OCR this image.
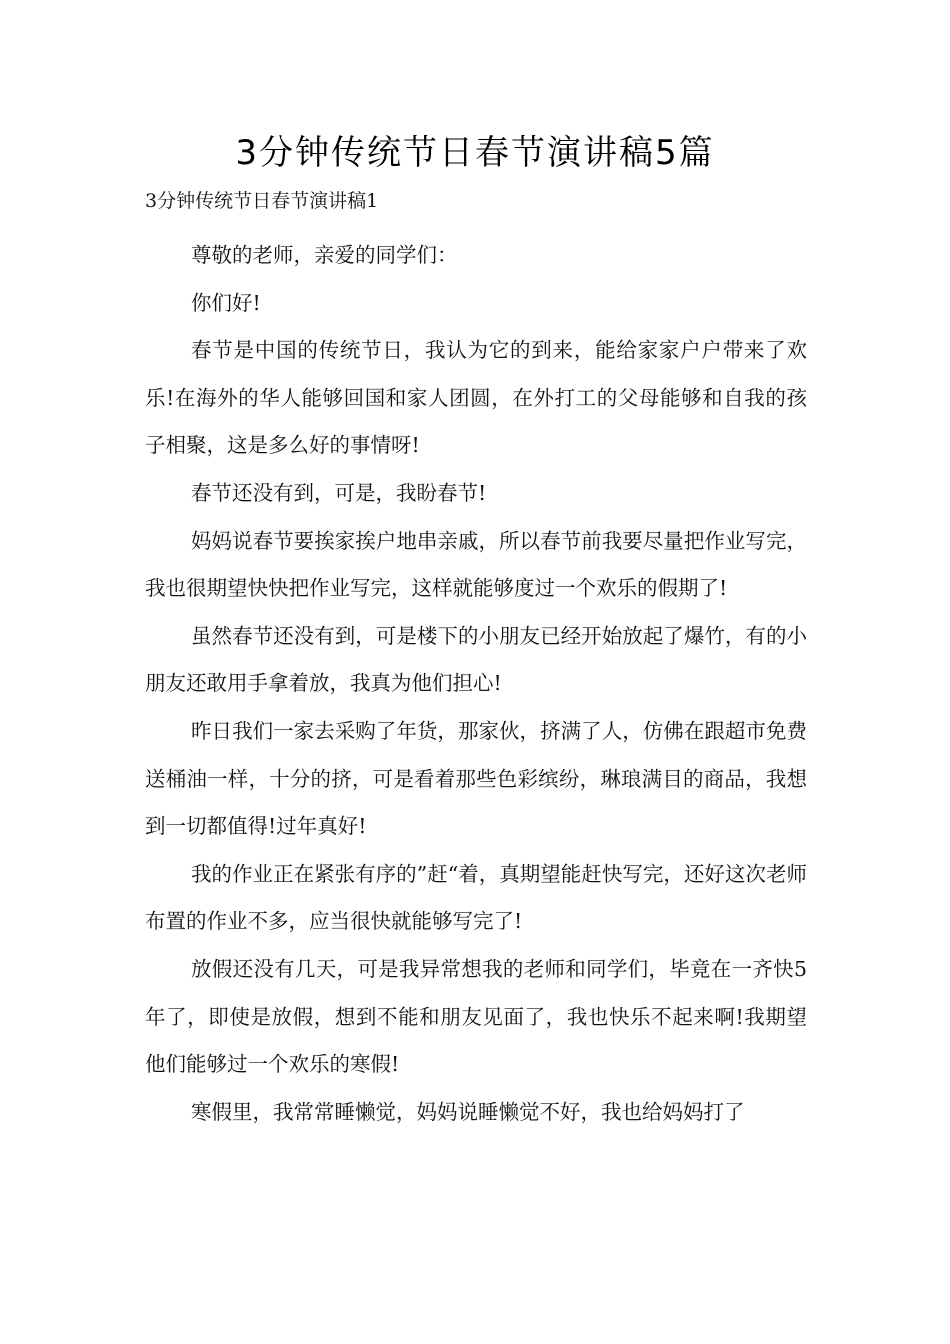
3分钟传统节日春节演讲稿5篇
3分钟传统节日春节演讲稿1

尊敬的老师，亲爱的同学们：

你们好!

春节是中国的传统节日，我认为它的到来，能给家家户户带来了欢乐!在海外的华人能够回国和家人团圆，在外打工的父母能够和自我的孩子相聚，这是多么好的事情呀!

春节还没有到，可是，我盼春节!

妈妈说春节要挨家挨户地串亲戚，所以春节前我要尽量把作业写完，我也很期望快快把作业写完，这样就能够度过一个欢乐的假期了!

虽然春节还没有到，可是楼下的小朋友已经开始放起了爆竹，有的小朋友还敢用手拿着放，我真为他们担心!

昨日我们一家去采购了年货，那家伙，挤满了人，仿佛在跟超市免费送桶油一样，十分的挤，可是看着那些色彩缤纷，琳琅满目的商品，我想到一切都值得!过年真好!

我的作业正在紧张有序的”赶“着，真期望能赶快写完，还好这次老师布置的作业不多，应当很快就能够写完了!

放假还没有几天，可是我异常想我的老师和同学们，毕竟在一齐快5年了，即使是放假，想到不能和朋友见面了，我也快乐不起来啊!我期望他们能够过一个欢乐的寒假!

寒假里，我常常睡懒觉，妈妈说睡懒觉不好，我也给妈妈打了
